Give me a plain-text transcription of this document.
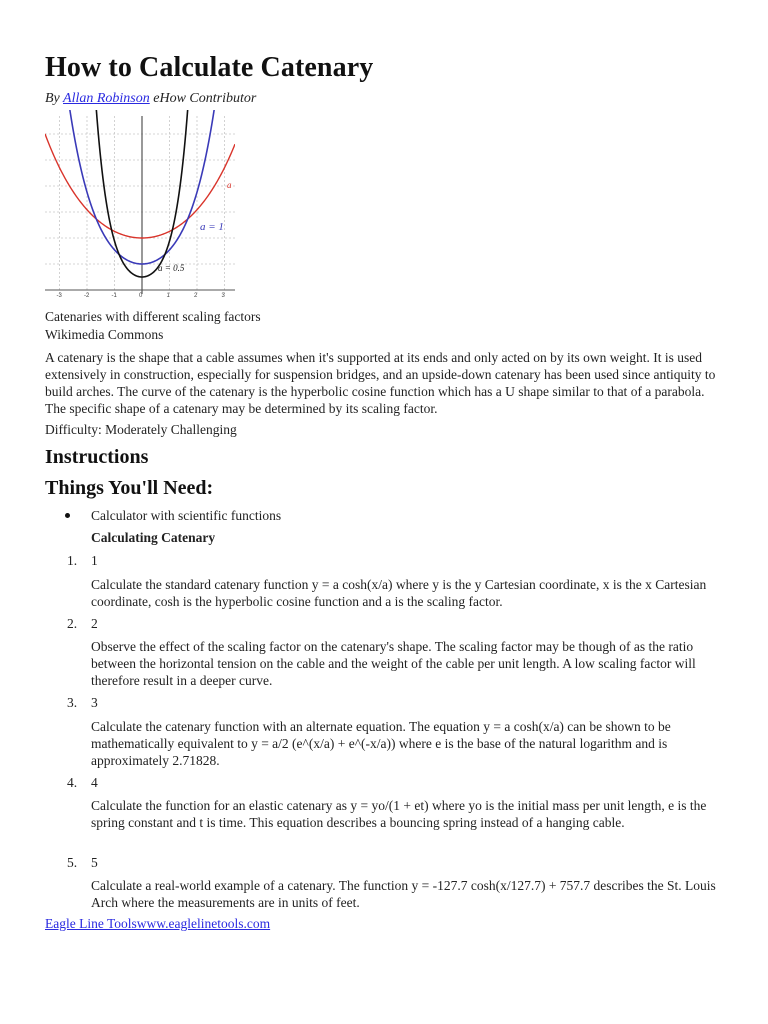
How to Calculate Catenary
By Allan Robinson eHow Contributor
a
a = 1
a = 0.5
-3	-2	-1	0	1	2	3
Catenaries with different scaling factors
Wikimedia Commons
A catenary is the shape that a cable assumes when it's supported at its ends and only acted on by its own weight. It is used extensively in construction, especially for suspension bridges, and an upside-down catenary has been used since antiquity to build arches. The curve of the catenary is the hyperbolic cosine function which has a U shape similar to that of a parabola. The specific shape of a catenary may be determined by its scaling factor.
Difficulty: Moderately Challenging
Instructions
Things You'll Need:
Calculator with scientific functions
Calculating Catenary
1. 1
Calculate the standard catenary function y = a cosh(x/a) where y is the y Cartesian coordinate, x is the x Cartesian coordinate, cosh is the hyperbolic cosine function and a is the scaling factor.
2. 2
Observe the effect of the scaling factor on the catenary's shape. The scaling factor may be though of as the ratio between the horizontal tension on the cable and the weight of the cable per unit length. A low scaling factor will therefore result in a deeper curve.
3. 3
Calculate the catenary function with an alternate equation. The equation y = a cosh(x/a) can be shown to be mathematically equivalent to y = a/2 (e^(x/a) + e^(-x/a)) where e is the base of the natural logarithm and is approximately 2.71828.
4. 4
Calculate the function for an elastic catenary as y = yo/(1 + et) where yo is the initial mass per unit length, e is the spring constant and t is time. This equation describes a bouncing spring instead of a hanging cable.
5. 5
Calculate a real-world example of a catenary. The function y = -127.7 cosh(x/127.7) + 757.7 describes the St. Louis Arch where the measurements are in units of feet.
Eagle Line Toolswww.eaglelinetools.com
